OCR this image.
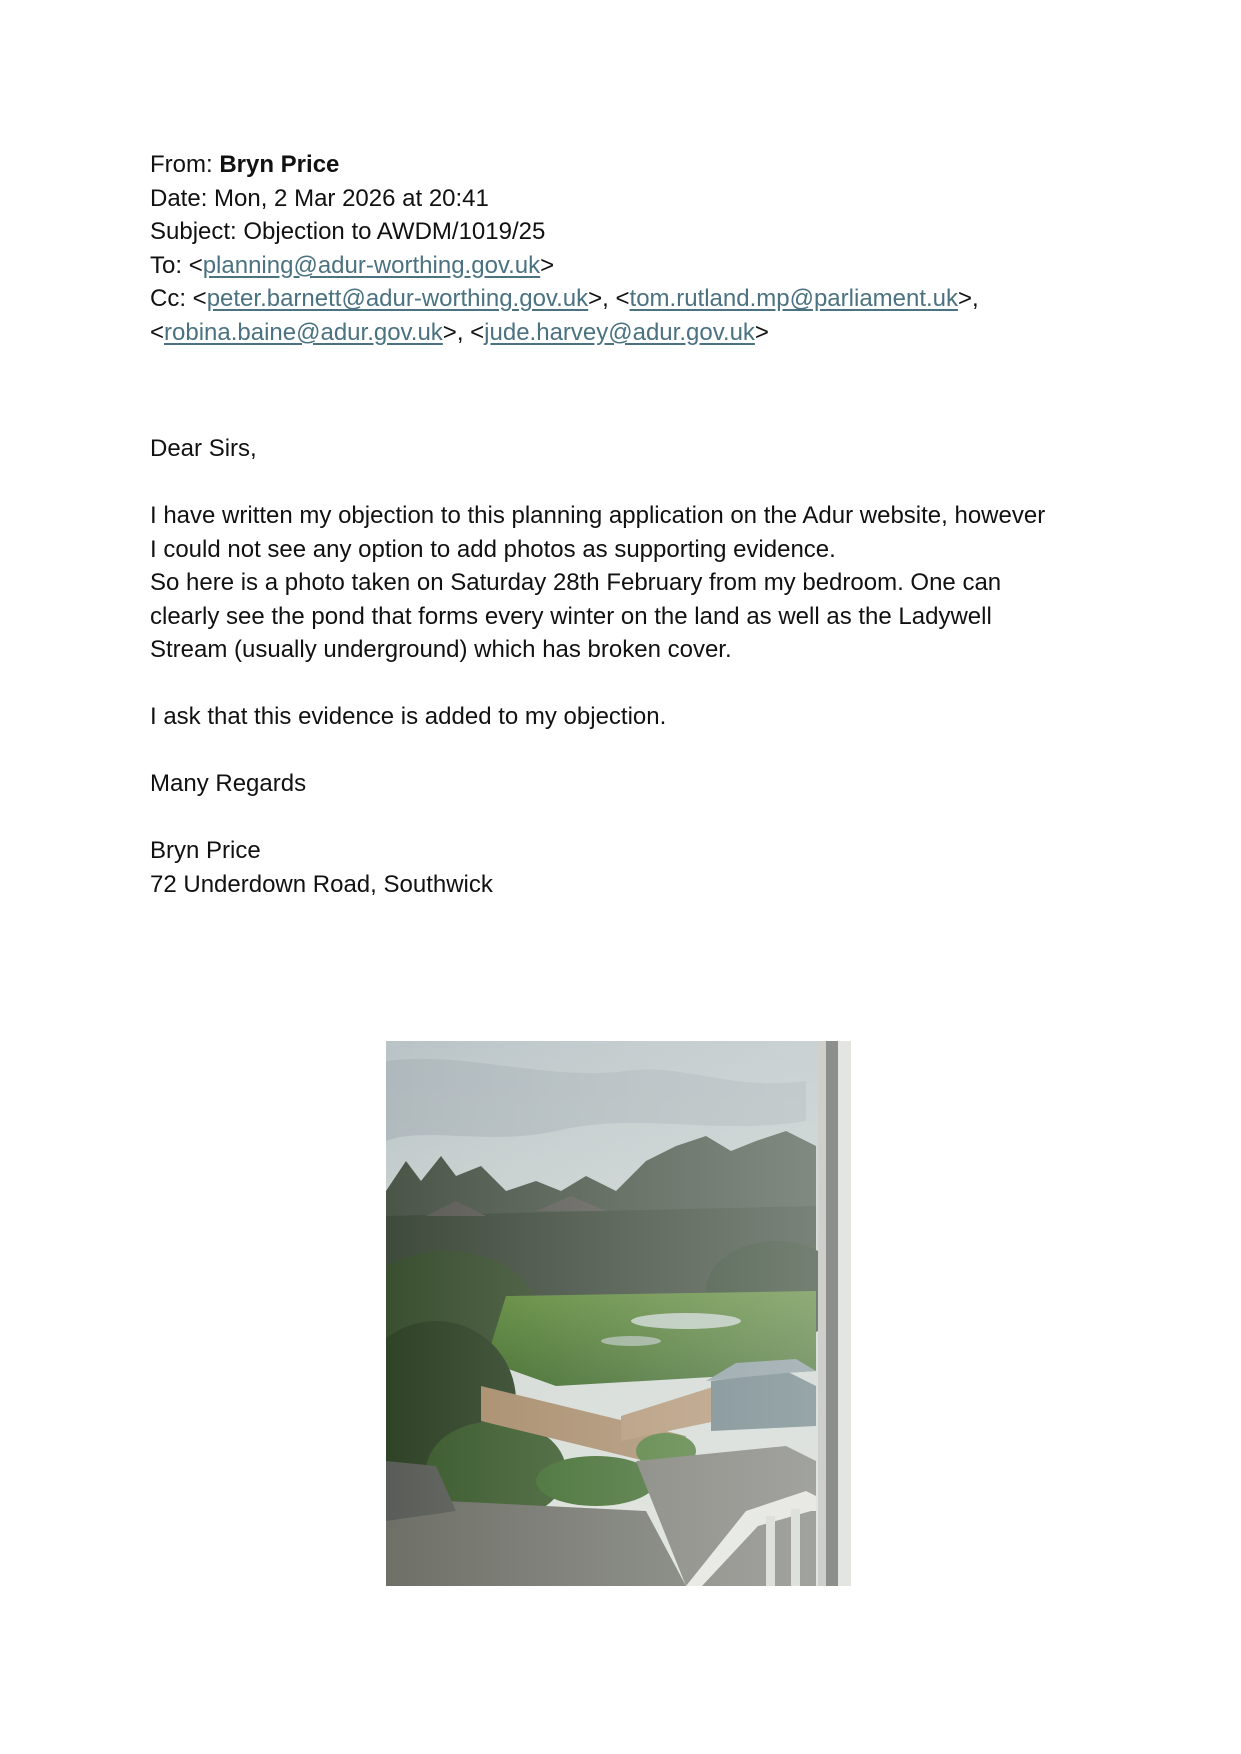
From: Bryn Price

Date: Mon, 2 Mar 2026 at 20:41

Subject: Objection to AWDM/1019/25

To: <planning@adur-worthing.gov.uk>

Cc: <peter.barnett@adur-worthing.gov.uk>, <tom.rutland.mp@parliament.uk>,

<robina.baine@adur.gov.uk>, <jude.harvey@adur.gov.uk>

Dear Sirs,

I have written my objection to this planning application on the Adur website, however

I could not see any option to add photos as supporting evidence.

So here is a photo taken on Saturday 28th February from my bedroom. One can

clearly see the pond that forms every winter on the land as well as the Ladywell

Stream (usually underground) which has broken cover.

I ask that this evidence is added to my objection.

Many Regards

Bryn Price

72 Underdown Road, Southwick
